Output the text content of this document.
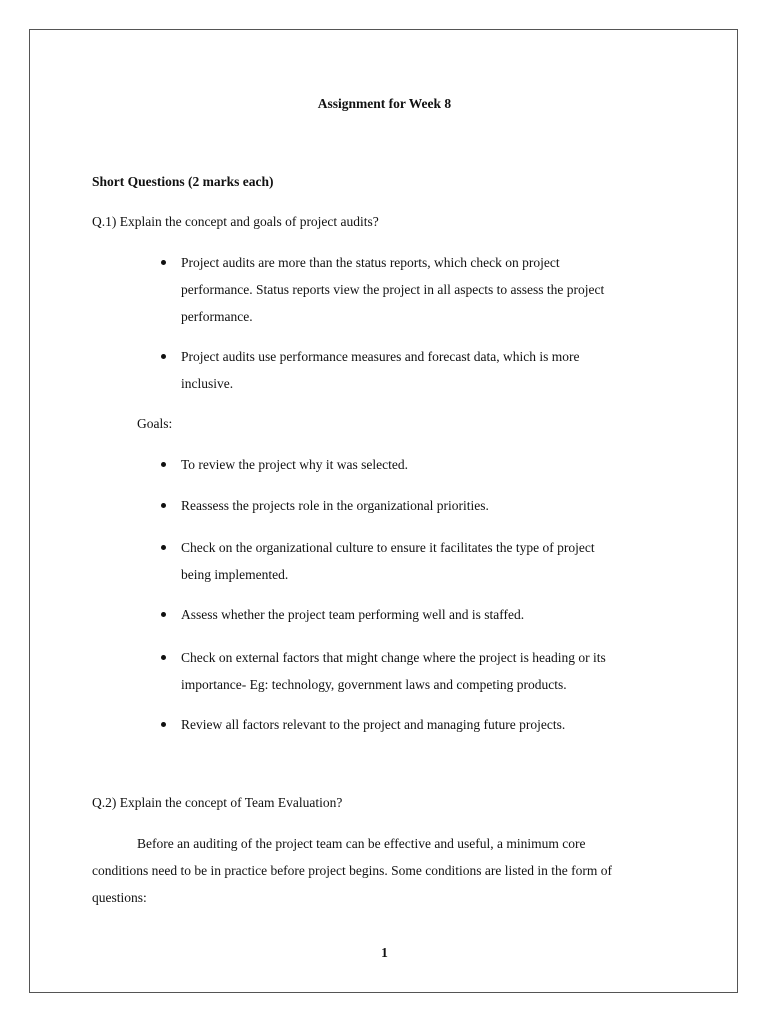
Assignment for Week 8
Short Questions (2 marks each)
Q.1) Explain the concept and goals of project audits?
Project audits are more than the status reports, which check on project
performance. Status reports view the project in all aspects to assess the project
performance.
Project audits use performance measures and forecast data, which is more
inclusive.
Goals:
To review the project why it was selected.
Reassess the projects role in the organizational priorities.
Check on the organizational culture to ensure it facilitates the type of project
being implemented.
Assess whether the project team performing well and is staffed.
Check on external factors that might change where the project is heading or its
importance- Eg: technology, government laws and competing products.
Review all factors relevant to the project and managing future projects.
Q.2) Explain the concept of Team Evaluation?
Before an auditing of the project team can be effective and useful, a minimum core
conditions need to be in practice before project begins. Some conditions are listed in the form of
questions:
1
